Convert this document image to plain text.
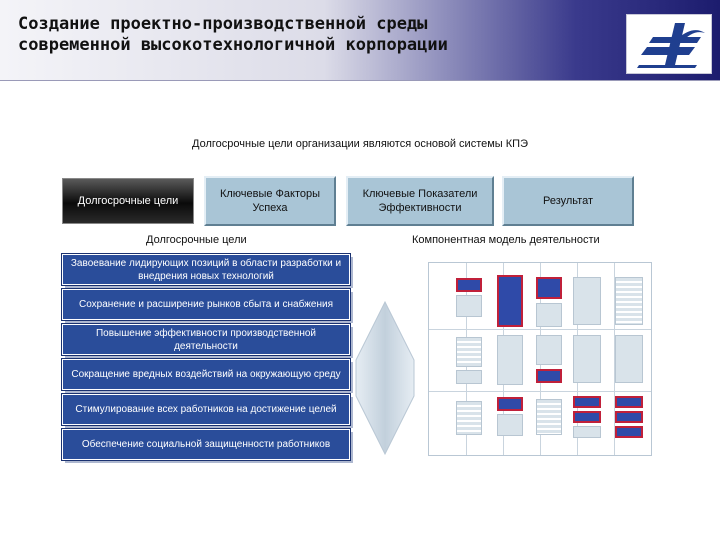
Создание проектно-производственной среды
современной высокотехнологичной корпорации
Долгосрочные цели организации являются основой системы КПЭ
Долгосрочные цели
Ключевые Факторы Успеха
Ключевые Показатели Эффективности
Результат
Долгосрочные цели	Компонентная модель деятельности
Завоевание лидирующих позиций в области разработки и внедрения новых технологий
Сохранение и расширение рынков сбыта и снабжения
Повышение эффективности производственной деятельности
Сокращение вредных воздействий на окружающую среду
Стимулирование всех работников на достижение целей
Обеспечение социальной защищенности работников
